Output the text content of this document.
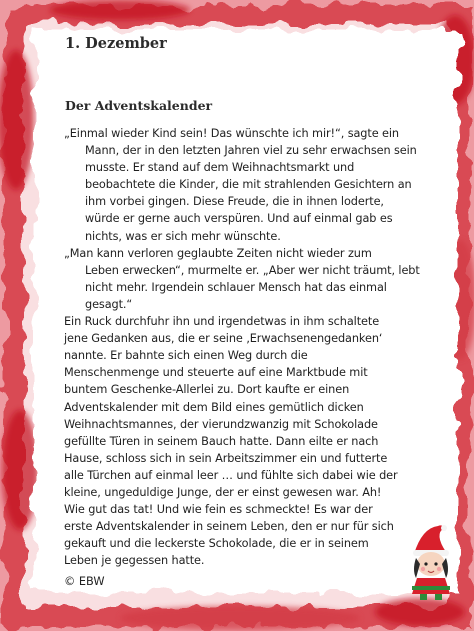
1. Dezember
Der Adventskalender
„Einmal wieder Kind sein! Das wünschte ich mir!“, sagte ein
Mann, der in den letzten Jahren viel zu sehr erwachsen sein
musste. Er stand auf dem Weihnachtsmarkt und
beobachtete die Kinder, die mit strahlenden Gesichtern an
ihm vorbei gingen. Diese Freude, die in ihnen loderte,
würde er gerne auch verspüren. Und auf einmal gab es
nichts, was er sich mehr wünschte.
„Man kann verloren geglaubte Zeiten nicht wieder zum
Leben erwecken“, murmelte er. „Aber wer nicht träumt, lebt
nicht mehr. Irgendein schlauer Mensch hat das einmal
gesagt.“
Ein Ruck durchfuhr ihn und irgendetwas in ihm schaltete
jene Gedanken aus, die er seine ‚Erwachsenengedanken‘
nannte. Er bahnte sich einen Weg durch die
Menschenmenge und steuerte auf eine Marktbude mit
buntem Geschenke-Allerlei zu. Dort kaufte er einen
Adventskalender mit dem Bild eines gemütlich dicken
Weihnachtsmannes, der vierundzwanzig mit Schokolade
gefüllte Türen in seinem Bauch hatte. Dann eilte er nach
Hause, schloss sich in sein Arbeitszimmer ein und futterte
alle Türchen auf einmal leer … und fühlte sich dabei wie der
kleine, ungeduldige Junge, der er einst gewesen war. Ah!
Wie gut das tat! Und wie fein es schmeckte! Es war der
erste Adventskalender in seinem Leben, den er nur für sich
gekauft und die leckerste Schokolade, die er in seinem
Leben je gegessen hatte.
© EBW
